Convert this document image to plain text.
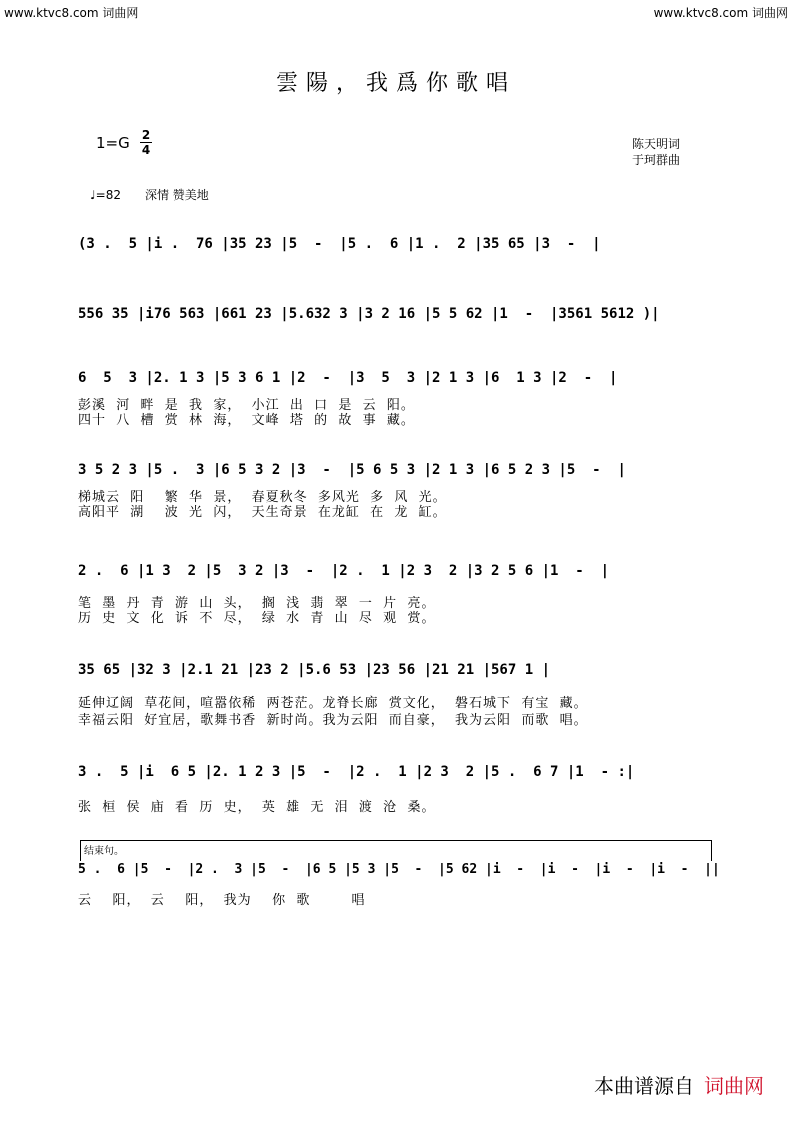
www.ktvc8.com 词曲网	www.ktvc8.com 词曲网
雲陽，我爲你歌唱
1=G 2
4	陈天明词
于珂群曲
♩=82 深情 赞美地
(3 .  5 |i .  76 |35 23 |5  -  |5 .  6 |1 .  2 |35 65 |3  -  |
556 35 |i76 563 |661 23 |5.632 3 |3 2 16 |5 5 62 |1  -  |3561 5612 )|
6  5  3 |2. 1 3 |5 3 6 1 |2  -  |3  5  3 |2 1 3 |6  1 3 |2  -  |
彭溪  河  畔  是  我  家，  小江  出  口  是  云  阳。
四十  八  槽  赏  林  海，  文峰  塔  的  故  事  藏。
3 5 2 3 |5 .  3 |6 5 3 2 |3  -  |5 6 5 3 |2 1 3 |6 5 2 3 |5  -  |
梯城云  阳    繁  华  景，  春夏秋冬  多风光  多  风  光。
高阳平  湖    波  光  闪，  天生奇景  在龙缸  在  龙  缸。
2 .  6 |1 3  2 |5  3 2 |3  -  |2 .  1 |2 3  2 |3 2 5 6 |1  -  |
笔  墨  丹  青  游  山  头，  搁  浅  翡  翠  一  片  亮。
历  史  文  化  诉  不  尽，  绿  水  青  山  尽  观  赏。
35 65 |32 3 |2.1 21 |23 2 |5.6 53 |23 56 |21 21 |567 1 |
延伸辽阔  草花间，喧嚣依稀  两苍茫。龙脊长廊  赏文化，  磐石城下  有宝  藏。
幸福云阳  好宜居，歌舞书香  新时尚。我为云阳  而自豪，  我为云阳  而歌  唱。
3 .  5 |i  6 5 |2. 1 2 3 |5  -  |2 .  1 |2 3  2 |5 .  6 7 |1  - :|
张  桓  侯  庙  看  历  史，  英  雄  无  泪  渡  沧  桑。
结束句。
5 .  6 |5  -  |2 .  3 |5  -  |6 5 |5 3 |5  -  |5 62 |i  -  |i  -  |i  -  |i  -  ||
云    阳，  云    阳，  我为    你  歌        唱
本曲谱源自 词曲网
